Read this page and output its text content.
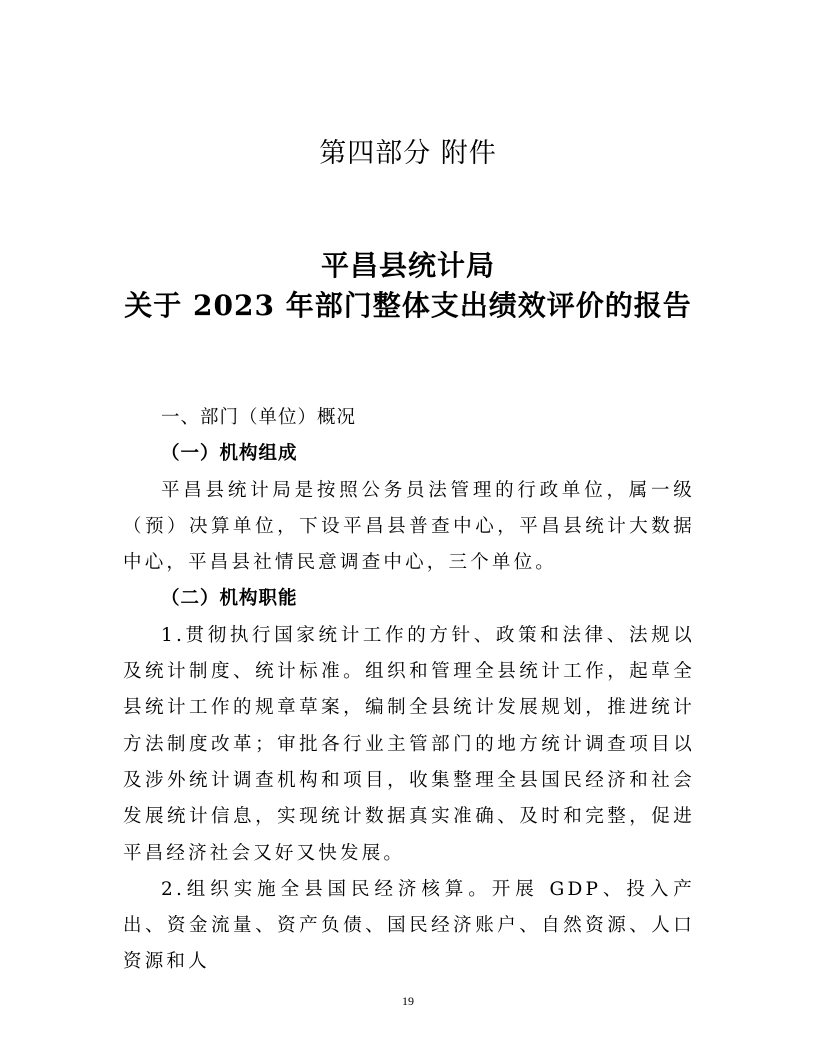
第四部分 附件
平昌县统计局
关于 2023 年部门整体支出绩效评价的报告
一、部门（单位）概况
（一）机构组成

平昌县统计局是按照公务员法管理的行政单位，属一级（预）决算单位，下设平昌县普查中心，平昌县统计大数据中心，平昌县社情民意调查中心，三个单位。

（二）机构职能

1.贯彻执行国家统计工作的方针、政策和法律、法规以及统计制度、统计标准。组织和管理全县统计工作，起草全县统计工作的规章草案，编制全县统计发展规划，推进统计方法制度改革；审批各行业主管部门的地方统计调查项目以及涉外统计调查机构和项目，收集整理全县国民经济和社会发展统计信息，实现统计数据真实准确、及时和完整，促进平昌经济社会又好又快发展。

2.组织实施全县国民经济核算。开展 GDP、投入产出、资金流量、资产负债、国民经济账户、自然资源、人口资源和人

19
